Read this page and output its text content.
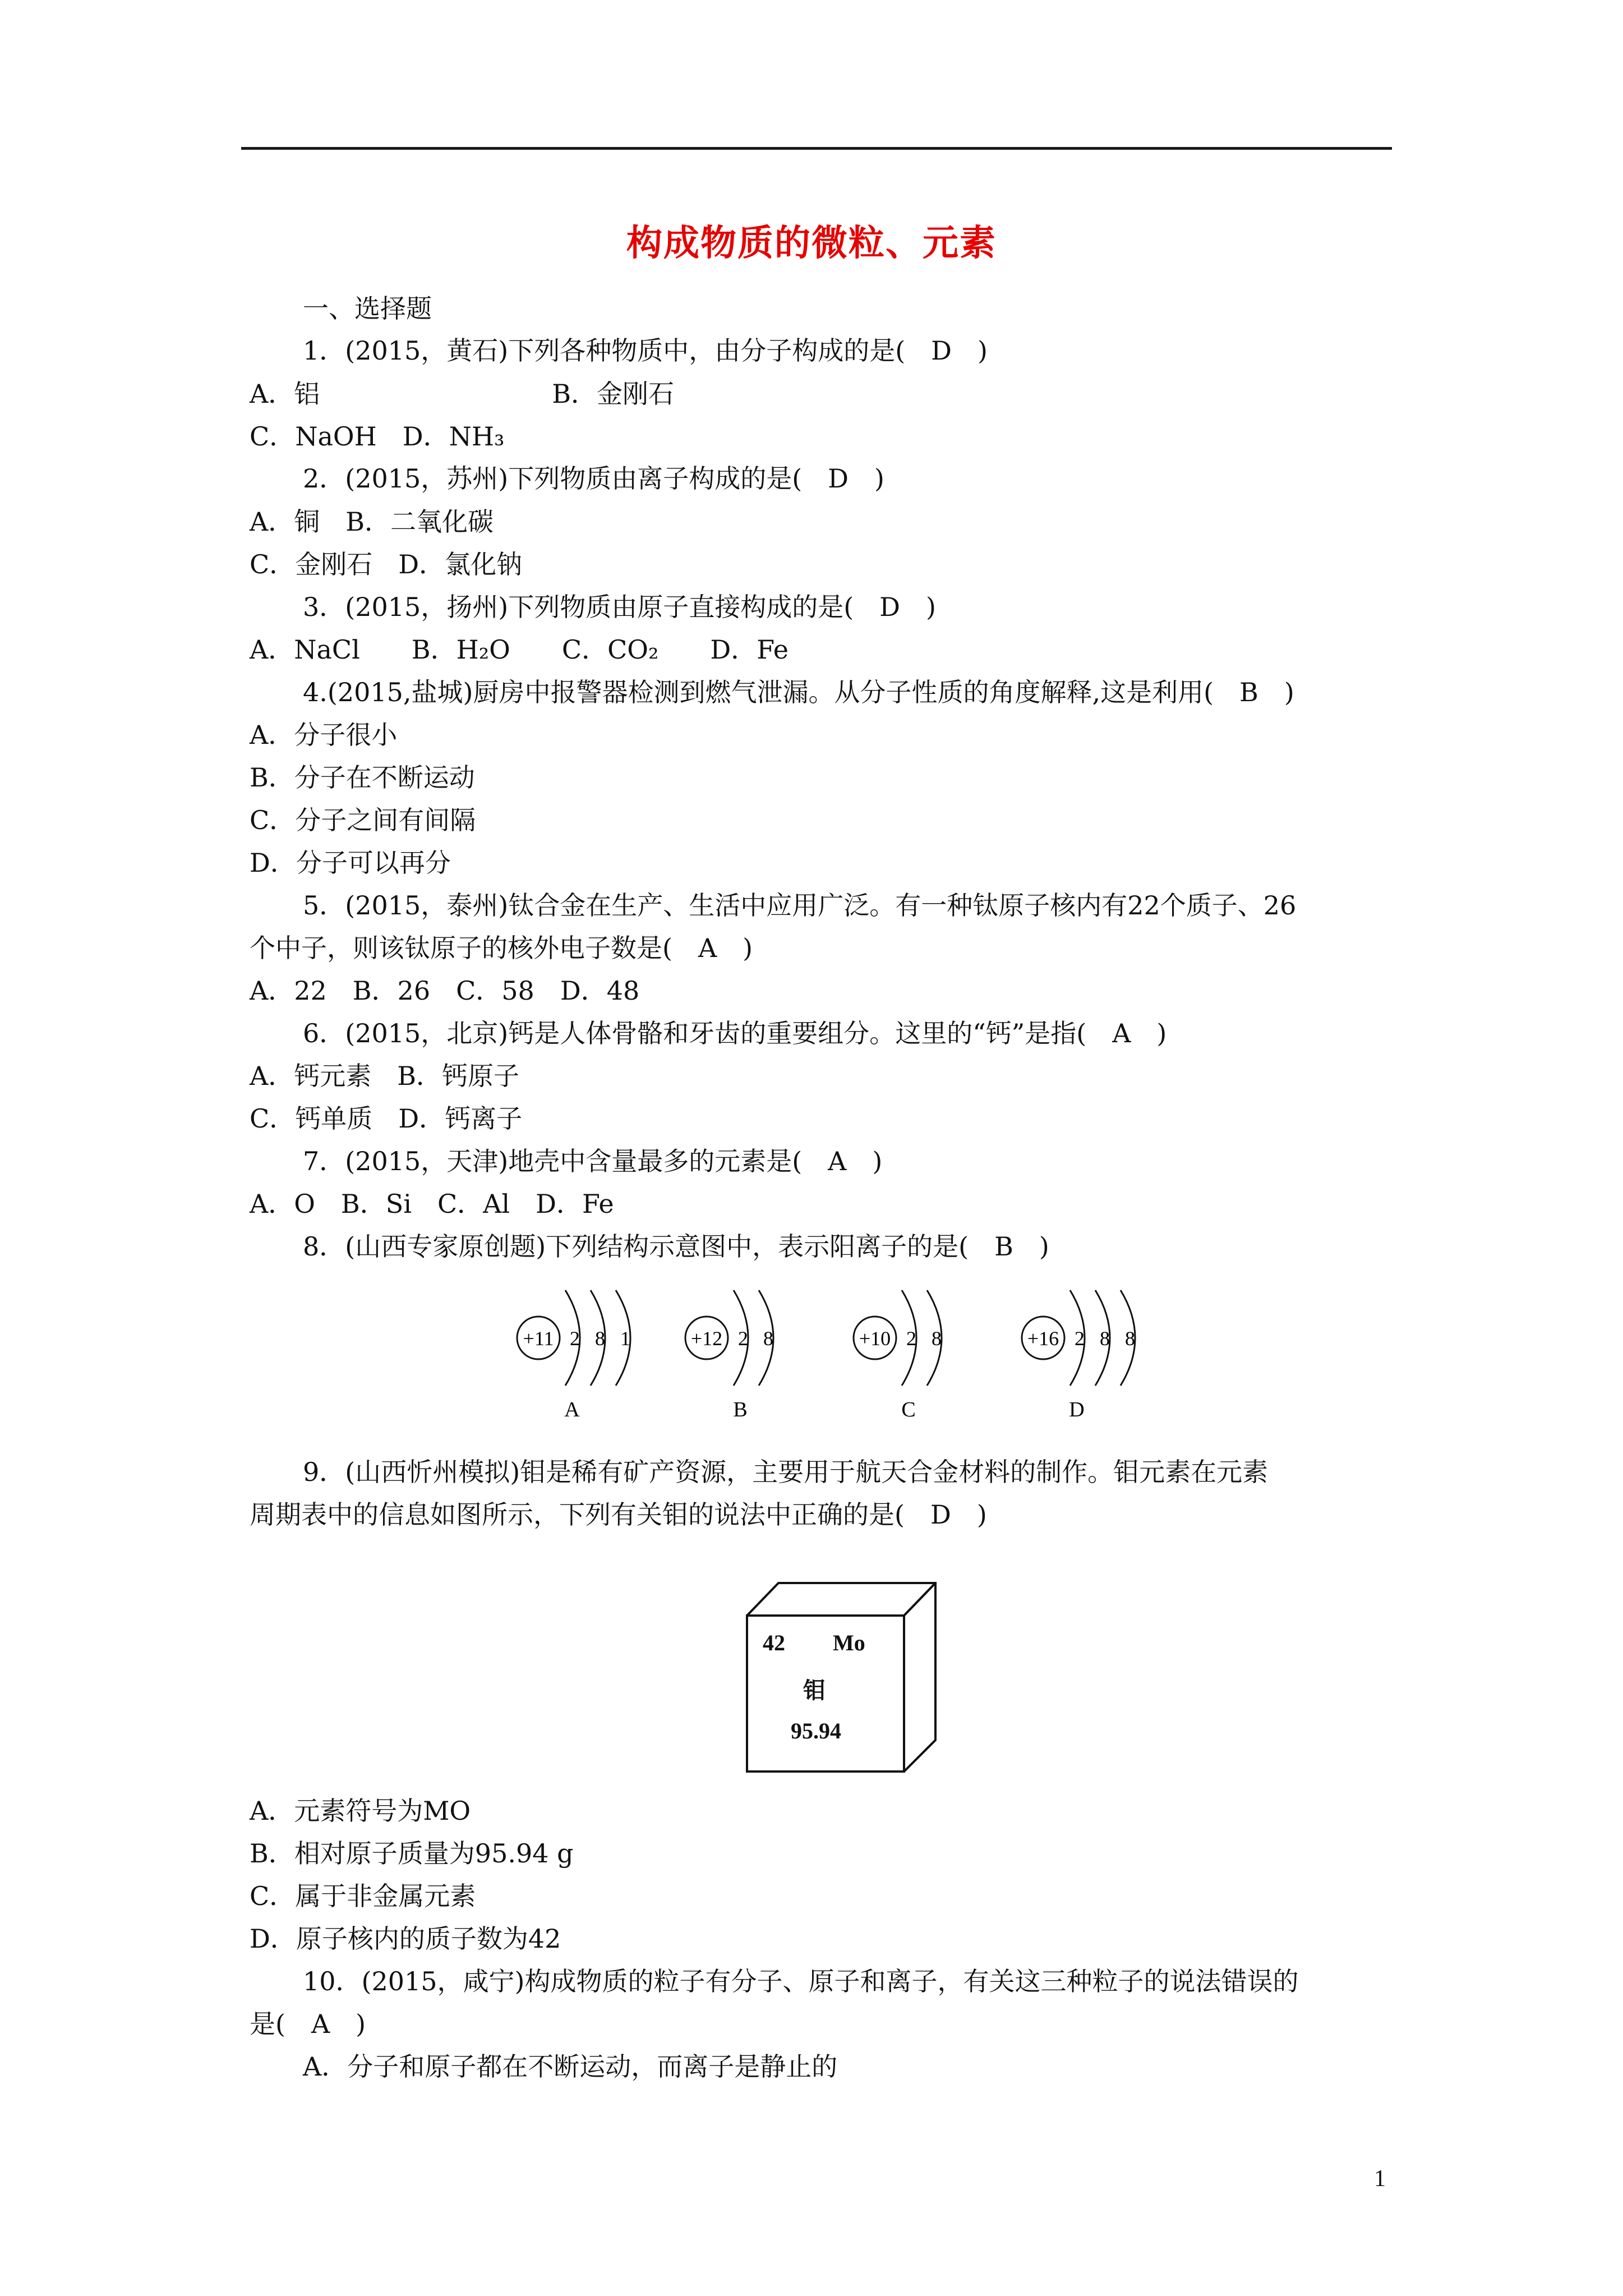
构成物质的微粒、元素
一、选择题
1．(2015，黄石)下列各种物质中，由分子构成的是(　D　)
A．铝　　　　　　　　　B．金刚石
C．NaOH　D．NH₃
2．(2015，苏州)下列物质由离子构成的是(　D　)
A．铜　B．二氧化碳
C．金刚石　D．氯化钠
3．(2015，扬州)下列物质由原子直接构成的是(　D　)
A．NaCl　　B．H₂O　　C．CO₂　　D．Fe
4.(2015,盐城)厨房中报警器检测到燃气泄漏。从分子性质的角度解释,这是利用(　B　)
A．分子很小
B．分子在不断运动
C．分子之间有间隔
D．分子可以再分
5．(2015，泰州)钛合金在生产、生活中应用广泛。有一种钛原子核内有22个质子、26
个中子，则该钛原子的核外电子数是(　A　)
A．22　B．26　C．58　D．48
6．(2015，北京)钙是人体骨骼和牙齿的重要组分。这里的“钙”是指(　A　)
A．钙元素　B．钙原子
C．钙单质　D．钙离子
7．(2015，天津)地壳中含量最多的元素是(　A　)
A．O　B．Si　C．Al　D．Fe
8．(山西专家原创题)下列结构示意图中，表示阳离子的是(　B　)
9．(山西忻州模拟)钼是稀有矿产资源，主要用于航天合金材料的制作。钼元素在元素
周期表中的信息如图所示，下列有关钼的说法中正确的是(　D　)
A．元素符号为MO
B．相对原子质量为95.94 g
C．属于非金属元素
D．原子核内的质子数为42
10．(2015，咸宁)构成物质的粒子有分子、原子和离子，有关这三种粒子的说法错误的
是(　A　)
A．分子和原子都在不断运动，而离子是静止的
+11 2 8 1
A
+12 2 8
B
+10 2 8
C
+16 2 8 8
D
42 Mo
钼
95.94
1
